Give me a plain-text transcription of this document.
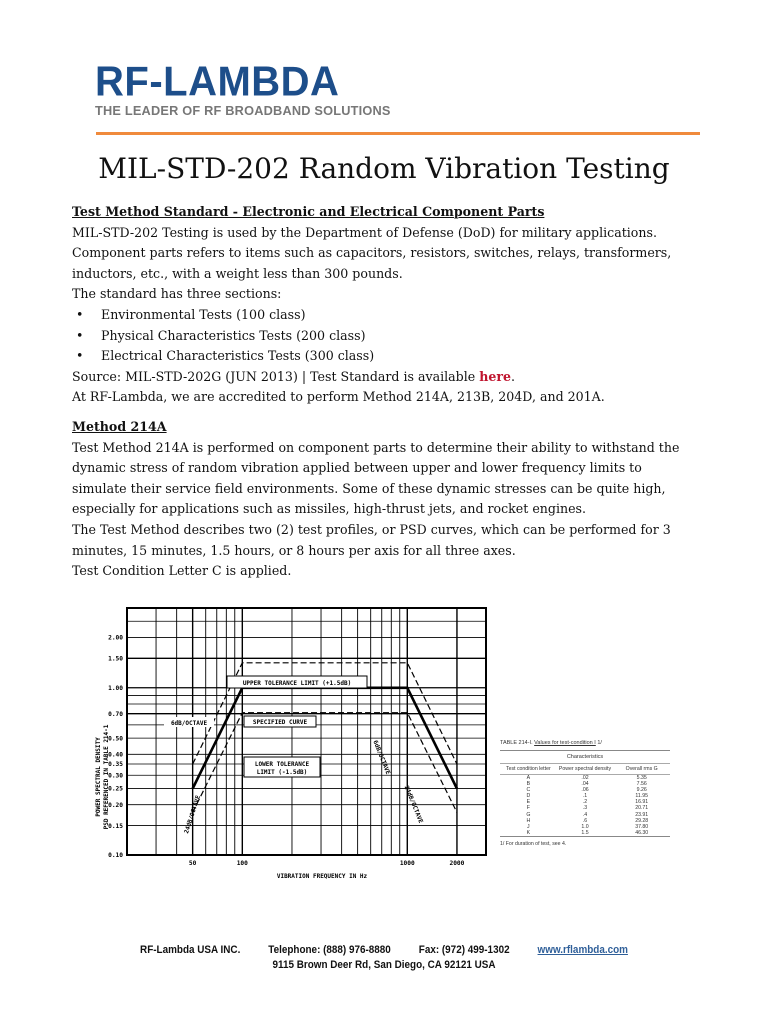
RF-LAMBDA
THE LEADER OF RF BROADBAND SOLUTIONS
MIL-STD-202 Random Vibration Testing

Test Method Standard - Electronic and Electrical Component Parts

MIL-STD-202 Testing is used by the Department of Defense (DoD) for military applications. Component parts refers to items such as capacitors, resistors, switches, relays, transformers, inductors, etc., with a weight less than 300 pounds.

The standard has three sections:

• Environmental Tests (100 class)
• Physical Characteristics Tests (200 class)
• Electrical Characteristics Tests (300 class)

Source: MIL-STD-202G (JUN 2013) | Test Standard is available here.

At RF-Lambda, we are accredited to perform Method 214A, 213B, 204D, and 201A.

Method 214A

Test Method 214A is performed on component parts to determine their ability to withstand the dynamic stress of random vibration applied between upper and lower frequency limits to simulate their service field environments. Some of these dynamic stresses can be quite high, especially for applications such as missiles, high-thrust jets, and rocket engines.

The Test Method describes two (2) test profiles, or PSD curves, which can be performed for 3 minutes, 15 minutes, 1.5 hours, or 8 hours per axis for all three axes.

Test Condition Letter C is applied.

2.00
1.50
1.00
0.70
0.50
0.40
0.35
0.30
0.25
0.20
0.15
0.10
50	100	1000	2000
POWER SPECTRAL DENSITY PSD REFERENCED IN TABLE 214-1
VIBRATION FREQUENCY IN Hz
UPPER TOLERANCE LIMIT (+1.5dB)
SPECIFIED CURVE
LOWER TOLERANCE
LIMIT (-1.5dB)
6dB/OCTAVE
24dB/OCTAVE
6dB/OCTAVE
24dB/OCTAVE
TABLE 214-I. Values for test-condition I 1/
Characteristics
Test condition letter	Power spectral density	Overall rms G
A	.02	5.35
B	.04	7.56
C	.06	9.26
D	.1	11.95
E	.2	16.91
F	.3	20.71
G	.4	23.91
H	.6	29.28
J	1.0	37.80
K	1.5	46.30
1/ For duration of test, see 4.
RF-Lambda USA INC.	Telephone: (888) 976-8880	Fax: (972) 499-1302	www.rflambda.com
9115 Brown Deer Rd, San Diego, CA 92121 USA
